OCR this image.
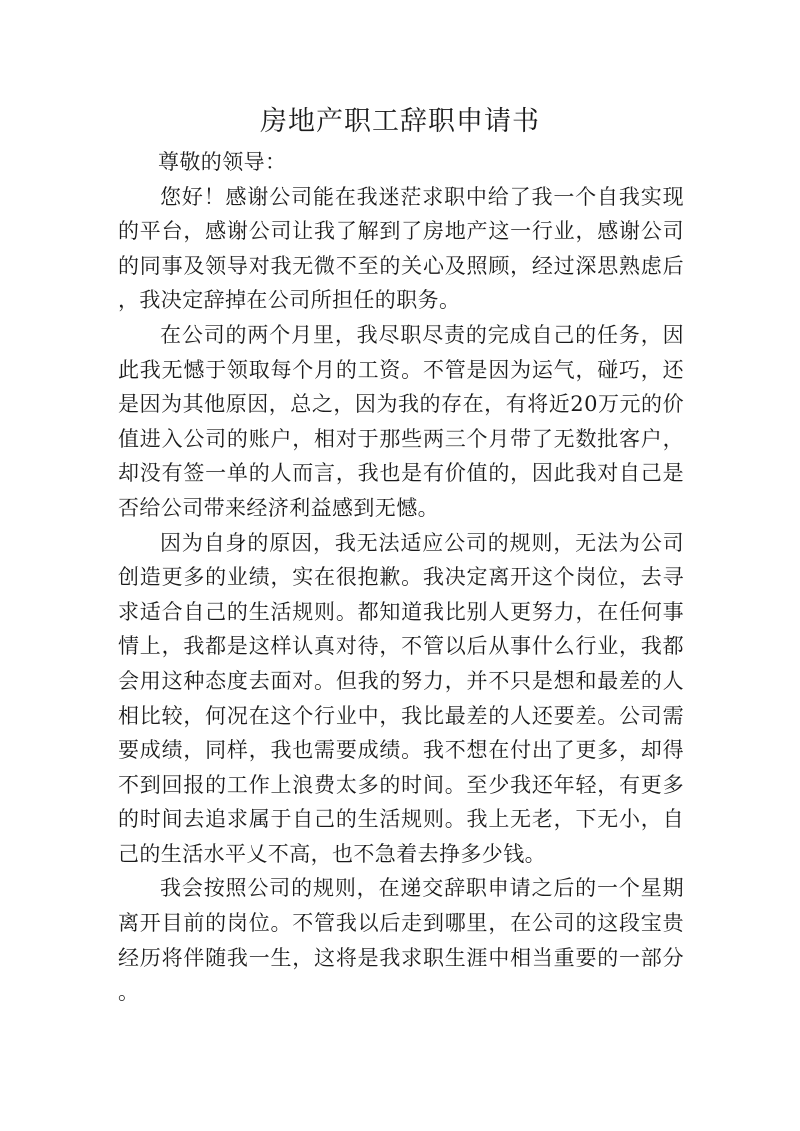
房地产职工辞职申请书

尊敬的领导：

您好！感谢公司能在我迷茫求职中给了我一个自我实现的平台，感谢公司让我了解到了房地产这一行业，感谢公司的同事及领导对我无微不至的关心及照顾，经过深思熟虑后，我决定辞掉在公司所担任的职务。

在公司的两个月里，我尽职尽责的完成自己的任务，因此我无憾于领取每个月的工资。不管是因为运气，碰巧，还是因为其他原因，总之，因为我的存在，有将近20万元的价值进入公司的账户，相对于那些两三个月带了无数批客户，却没有签一单的人而言，我也是有价值的，因此我对自己是否给公司带来经济利益感到无憾。

因为自身的原因，我无法适应公司的规则，无法为公司创造更多的业绩，实在很抱歉。我决定离开这个岗位，去寻求适合自己的生活规则。都知道我比别人更努力，在任何事情上，我都是这样认真对待，不管以后从事什么行业，我都会用这种态度去面对。但我的努力，并不只是想和最差的人相比较，何况在这个行业中，我比最差的人还要差。公司需要成绩，同样，我也需要成绩。我不想在付出了更多，却得不到回报的工作上浪费太多的时间。至少我还年轻，有更多的时间去追求属于自己的生活规则。我上无老，下无小，自己的生活水平乂不高，也不急着去挣多少钱。

我会按照公司的规则，在递交辞职申请之后的一个星期离开目前的岗位。不管我以后走到哪里，在公司的这段宝贵经历将伴随我一生，这将是我求职生涯中相当重要的一部分。
